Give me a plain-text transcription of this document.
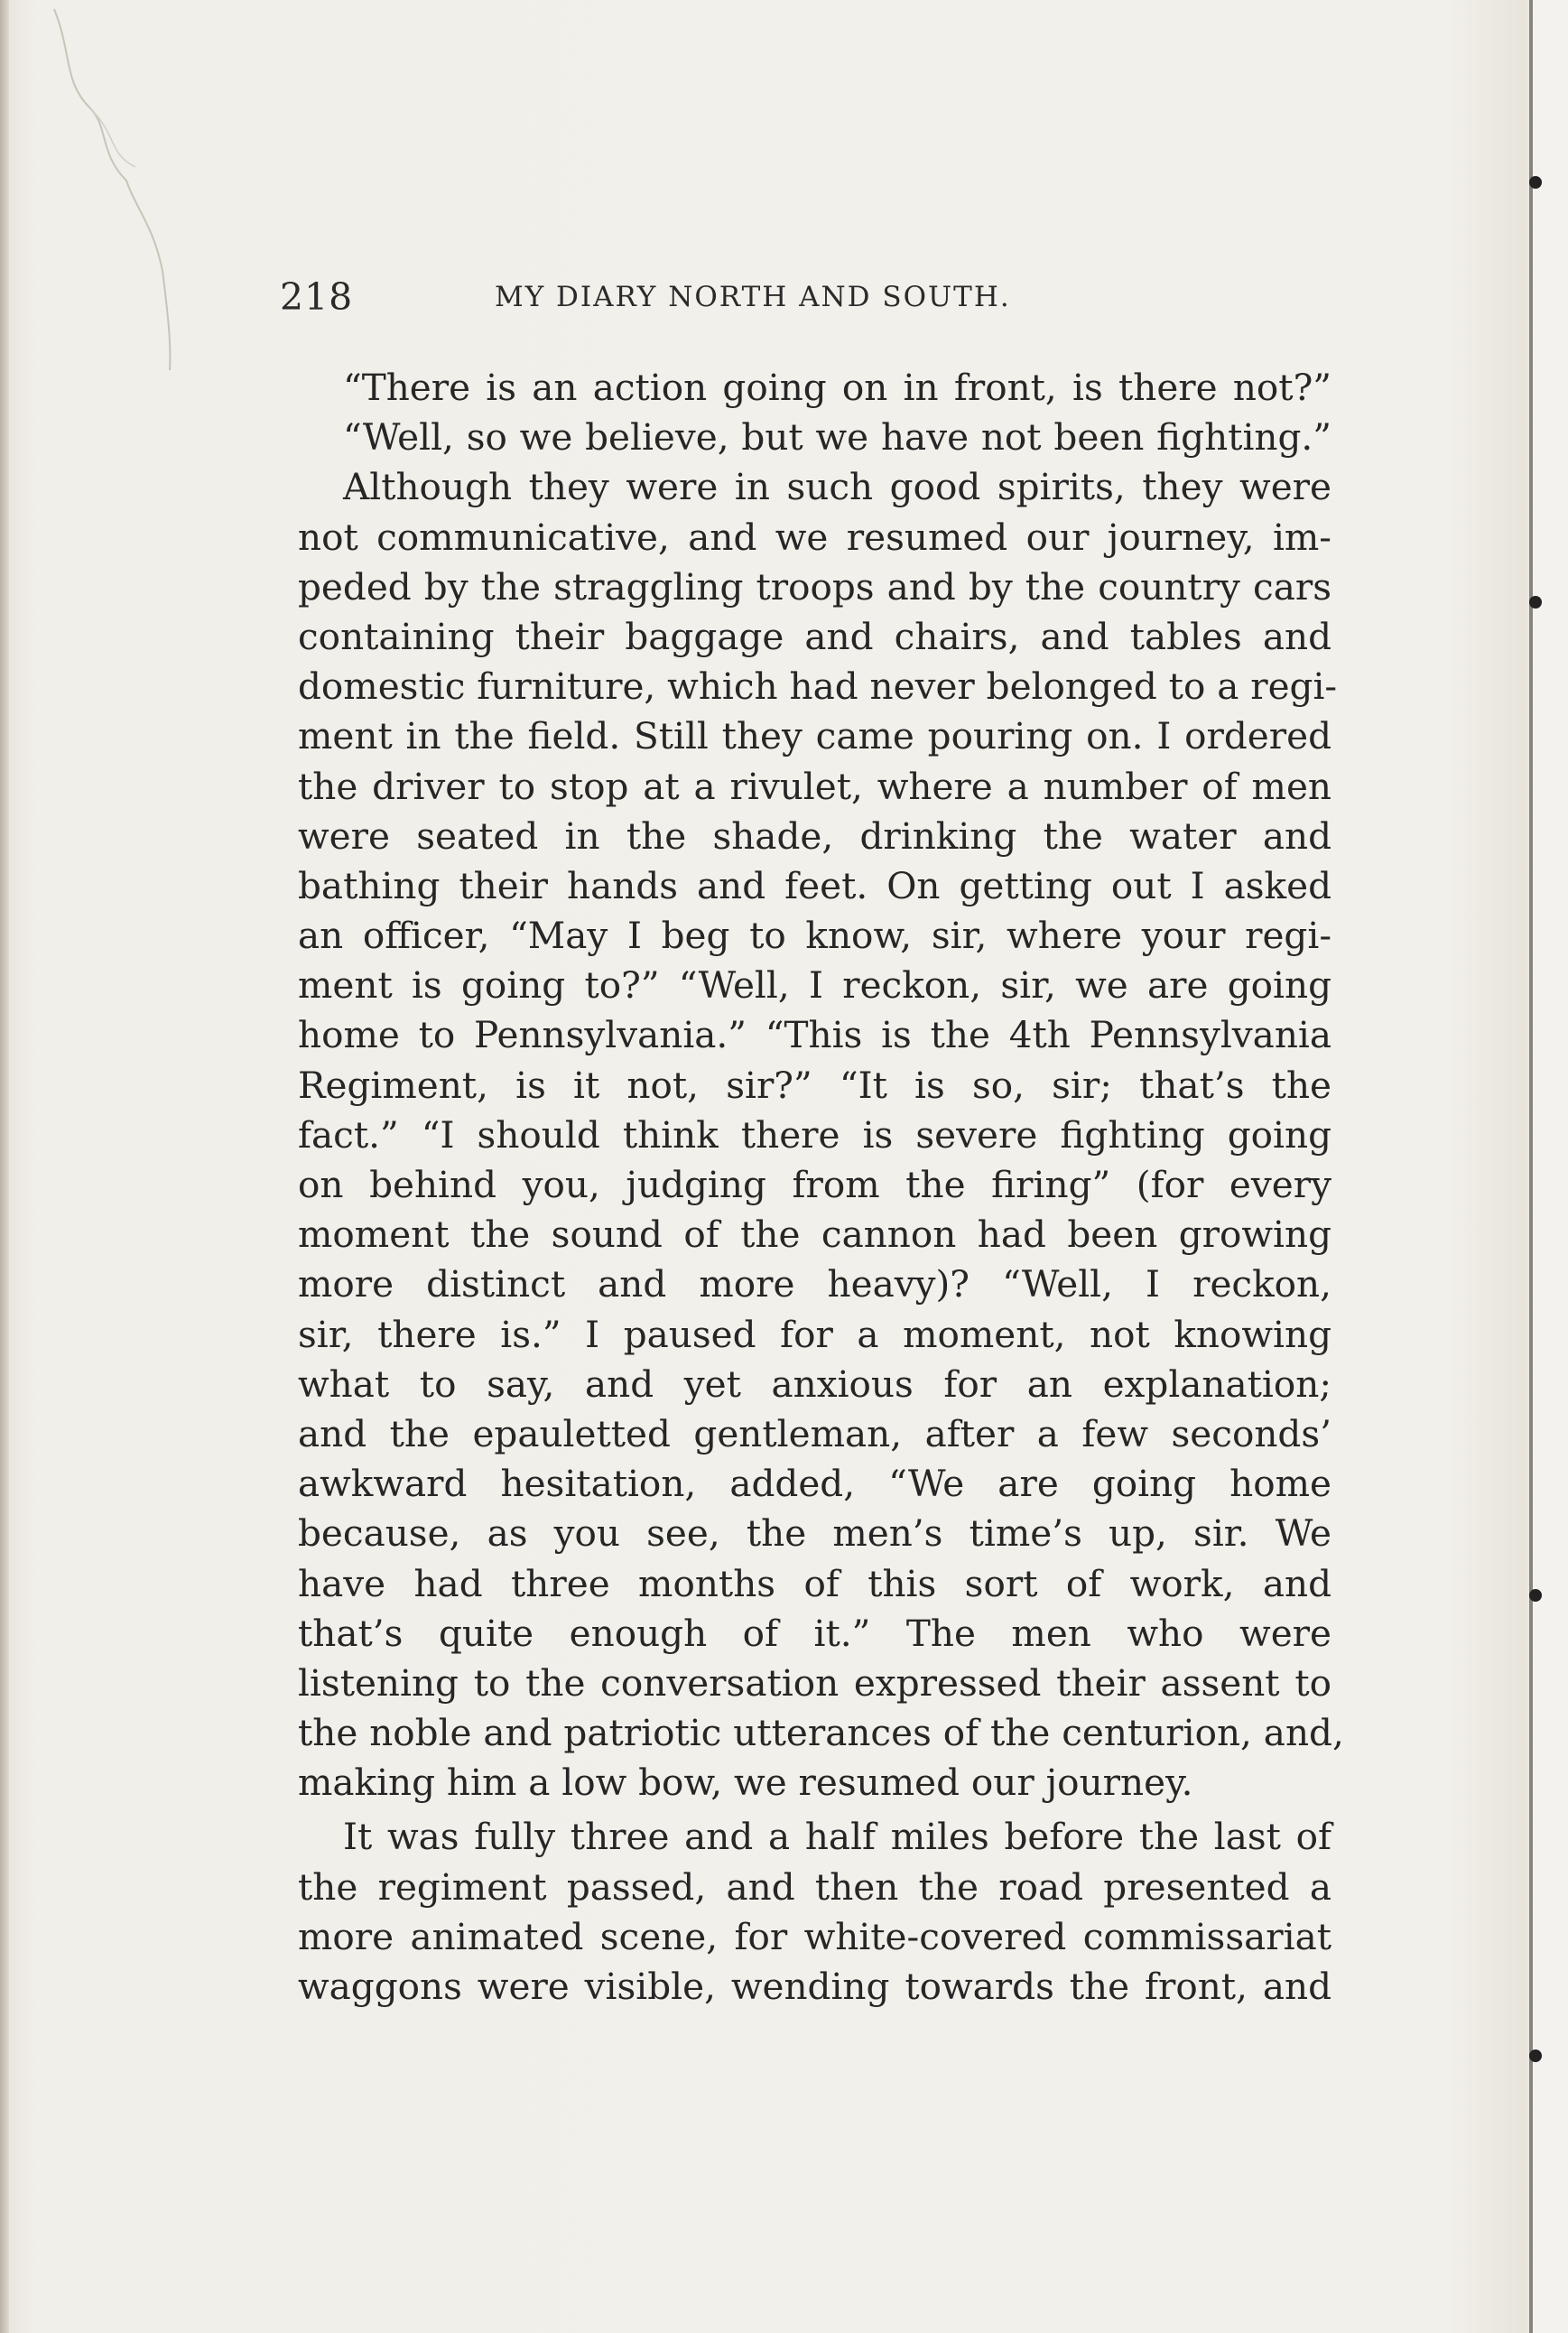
218	MY DIARY NORTH AND SOUTH.
“There is an action going on in front, is there not?”
“Well, so we believe, but we have not been fighting.”
Although they were in such good spirits, they were
not communicative, and we resumed our journey, im-
peded by the straggling troops and by the country cars
containing their baggage and chairs, and tables and
domestic furniture, which had never belonged to a regi-
ment in the field. Still they came pouring on. I ordered
the driver to stop at a rivulet, where a number of men
were seated in the shade, drinking the water and
bathing their hands and feet. On getting out I asked
an officer, “May I beg to know, sir, where your regi-
ment is going to?” “Well, I reckon, sir, we are going
home to Pennsylvania.” “This is the 4th Pennsylvania
Regiment, is it not, sir?” “It is so, sir; that’s the
fact.” “I should think there is severe fighting going
on behind you, judging from the firing” (for every
moment the sound of the cannon had been growing
more distinct and more heavy)? “Well, I reckon,
sir, there is.” I paused for a moment, not knowing
what to say, and yet anxious for an explanation;
and the epauletted gentleman, after a few seconds’
awkward hesitation, added, “We are going home
because, as you see, the men’s time’s up, sir. We
have had three months of this sort of work, and
that’s quite enough of it.” The men who were
listening to the conversation expressed their assent to
the noble and patriotic utterances of the centurion, and,
making him a low bow, we resumed our journey.
It was fully three and a half miles before the last of
the regiment passed, and then the road presented a
more animated scene, for white-covered commissariat
waggons were visible, wending towards the front, and
